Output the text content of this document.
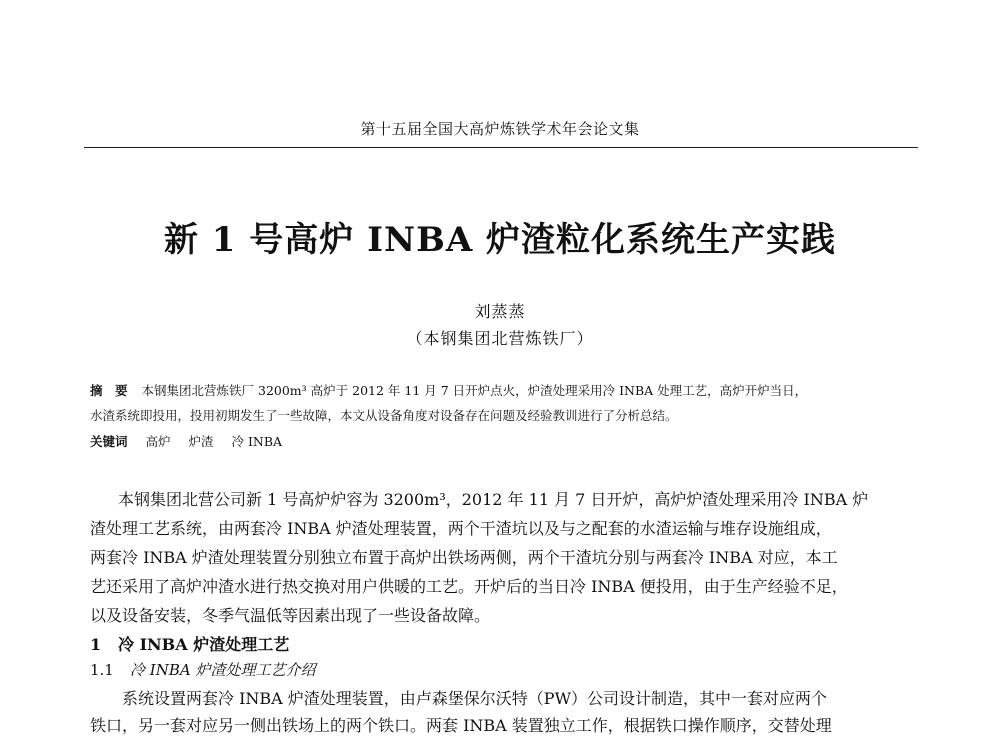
第十五届全国大高炉炼铁学术年会论文集
新 1 号高炉 INBA 炉渣粒化系统生产实践
刘蒸蒸
（本钢集团北营炼铁厂）
摘　要 本钢集团北营炼铁厂 3200m³ 高炉于 2012 年 11 月 7 日开炉点火，炉渣处理采用冷 INBA 处理工艺，高炉开炉当日，
水渣系统即投用，投用初期发生了一些故障，本文从设备角度对设备存在问题及经验教训进行了分析总结。
关键词 高炉 炉渣 冷 INBA
本钢集团北营公司新 1 号高炉炉容为 3200m³，2012 年 11 月 7 日开炉，高炉炉渣处理采用冷 INBA 炉
渣处理工艺系统，由两套冷 INBA 炉渣处理装置，两个干渣坑以及与之配套的水渣运输与堆存设施组成，
两套冷 INBA 炉渣处理装置分别独立布置于高炉出铁场两侧，两个干渣坑分别与两套冷 INBA 对应，本工
艺还采用了高炉冲渣水进行热交换对用户供暖的工艺。开炉后的当日冷 INBA 便投用，由于生产经验不足，
以及设备安装，冬季气温低等因素出现了一些设备故障。
1 冷 INBA 炉渣处理工艺
1.1 冷 INBA 炉渣处理工艺介绍
系统设置两套冷 INBA 炉渣处理装置，由卢森堡保尔沃特（PW）公司设计制造，其中一套对应两个
铁口，另一套对应另一侧出铁场上的两个铁口。两套 INBA 装置独立工作，根据铁口操作顺序，交替处理
